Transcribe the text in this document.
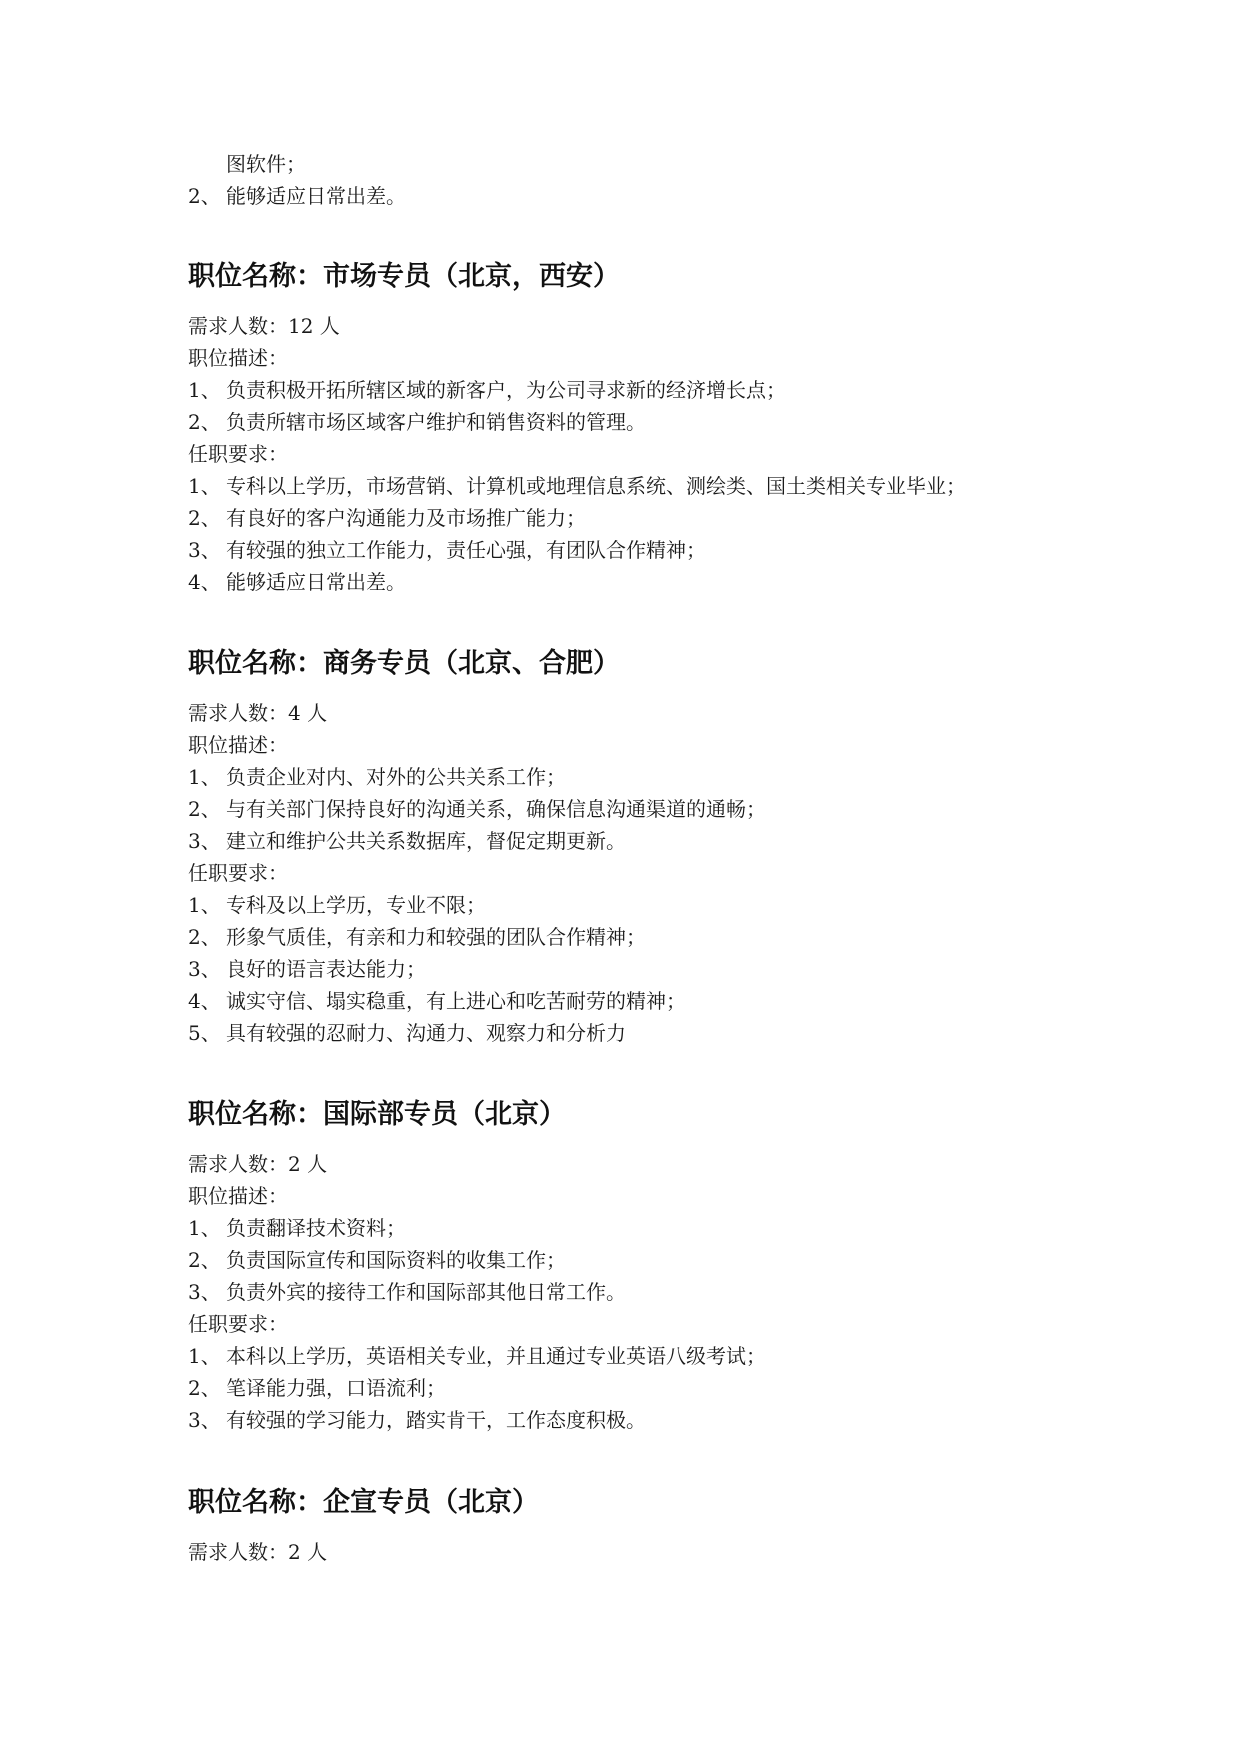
图软件；
2、 能够适应日常出差。
职位名称：市场专员（北京，西安）
需求人数：12 人
职位描述：
1、 负责积极开拓所辖区域的新客户，为公司寻求新的经济增长点；
2、 负责所辖市场区域客户维护和销售资料的管理。
任职要求：
1、 专科以上学历，市场营销、计算机或地理信息系统、测绘类、国土类相关专业毕业；
2、 有良好的客户沟通能力及市场推广能力；
3、 有较强的独立工作能力，责任心强，有团队合作精神；
4、 能够适应日常出差。
职位名称：商务专员（北京、合肥）
需求人数：4 人
职位描述：
1、 负责企业对内、对外的公共关系工作；
2、 与有关部门保持良好的沟通关系，确保信息沟通渠道的通畅；
3、 建立和维护公共关系数据库，督促定期更新。
任职要求：
1、 专科及以上学历，专业不限；
2、 形象气质佳，有亲和力和较强的团队合作精神；
3、 良好的语言表达能力；
4、 诚实守信、塌实稳重，有上进心和吃苦耐劳的精神；
5、 具有较强的忍耐力、沟通力、观察力和分析力
职位名称：国际部专员（北京）
需求人数：2 人
职位描述：
1、 负责翻译技术资料；
2、 负责国际宣传和国际资料的收集工作；
3、 负责外宾的接待工作和国际部其他日常工作。
任职要求：
1、 本科以上学历，英语相关专业，并且通过专业英语八级考试；
2、 笔译能力强，口语流利；
3、 有较强的学习能力，踏实肯干，工作态度积极。
职位名称：企宣专员（北京）
需求人数：2 人
